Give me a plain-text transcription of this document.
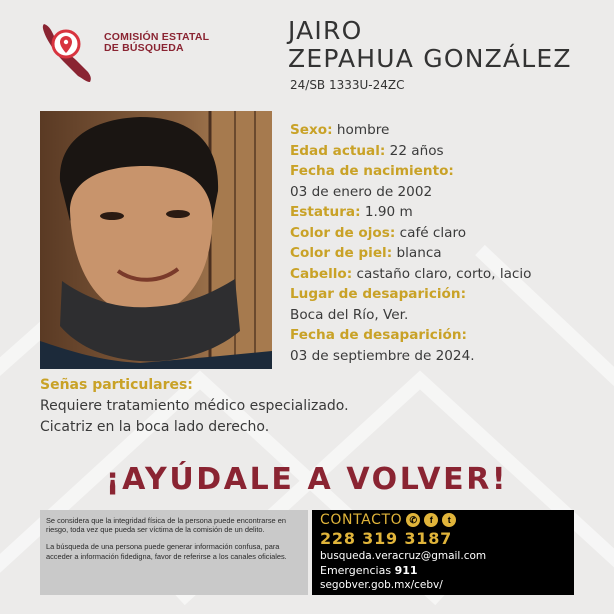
COMISIÓN ESTATAL
DE BÚSQUEDA
JAIRO
ZEPAHUA GONZÁLEZ
24/SB 1333U-24ZC
Sexo: hombre
Edad actual: 22 años
Fecha de nacimiento:
03 de enero de 2002
Estatura: 1.90 m
Color de ojos: café claro
Color de piel: blanca
Cabello: castaño claro, corto, lacio
Lugar de desaparición:
Boca del Río, Ver.
Fecha de desaparición:
03 de septiembre de 2024.
Señas particulares:
Requiere tratamiento médico especializado.
Cicatriz en la boca lado derecho.
¡AYÚDALE A VOLVER!

Se considera que la integridad física de la persona puede encontrarse en riesgo, toda vez que pueda ser víctima de la comisión de un delito.

La búsqueda de una persona puede generar información confusa, para acceder a información fidedigna, favor de referirse a los canales oficiales.

CONTACTO ✆	f	t
228 319 3187
busqueda.veracruz@gmail.com
Emergencias 911
segobver.gob.mx/cebv/
